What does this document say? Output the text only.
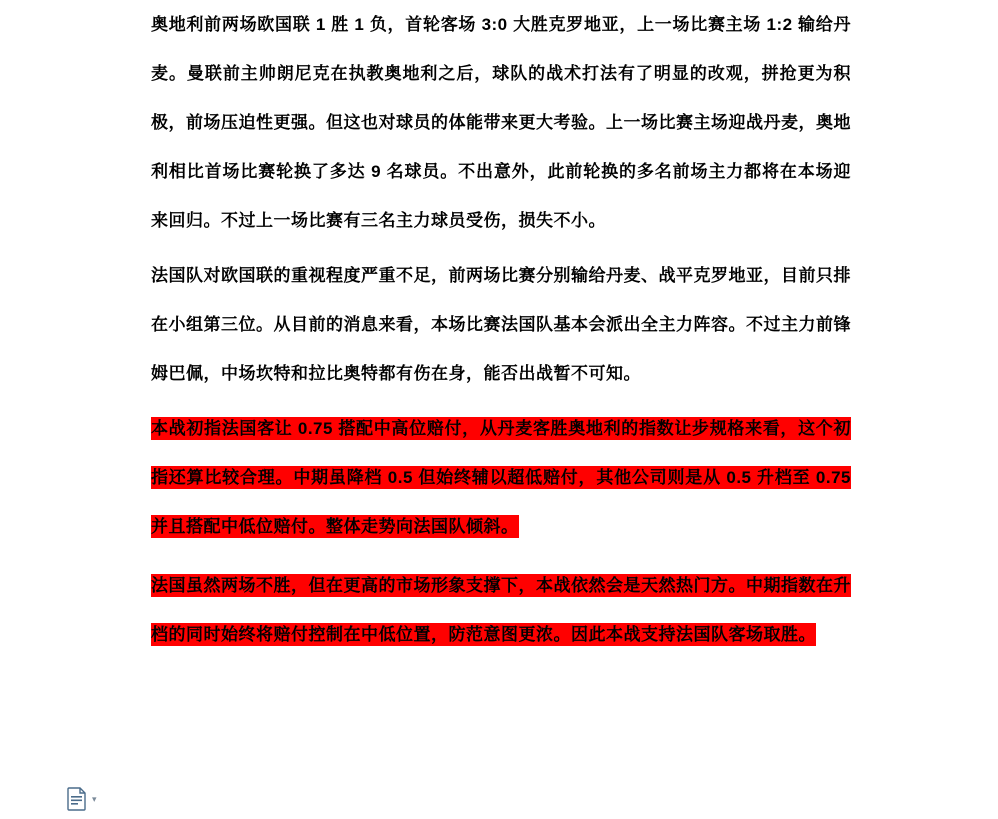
奥地利前两场欧国联 1 胜 1 负，首轮客场 3:0 大胜克罗地亚，上一场比赛主场 1:2 输给丹麦。曼联前主帅朗尼克在执教奥地利之后，球队的战术打法有了明显的改观，拼抢更为积极，前场压迫性更强。但这也对球员的体能带来更大考验。上一场比赛主场迎战丹麦，奥地利相比首场比赛轮换了多达 9 名球员。不出意外，此前轮换的多名前场主力都将在本场迎来回归。不过上一场比赛有三名主力球员受伤，损失不小。

法国队对欧国联的重视程度严重不足，前两场比赛分别输给丹麦、战平克罗地亚，目前只排在小组第三位。从目前的消息来看，本场比赛法国队基本会派出全主力阵容。不过主力前锋姆巴佩，中场坎特和拉比奥特都有伤在身，能否出战暂不可知。

本战初指法国客让 0.75 搭配中高位赔付，从丹麦客胜奥地利的指数让步规格来看，这个初指还算比较合理。中期虽降档 0.5 但始终辅以超低赔付，其他公司则是从 0.5 升档至 0.75 并且搭配中低位赔付。整体走势向法国队倾斜。

法国虽然两场不胜，但在更高的市场形象支撑下，本战依然会是天然热门方。中期指数在升档的同时始终将赔付控制在中低位置，防范意图更浓。因此本战支持法国队客场取胜。

▾
